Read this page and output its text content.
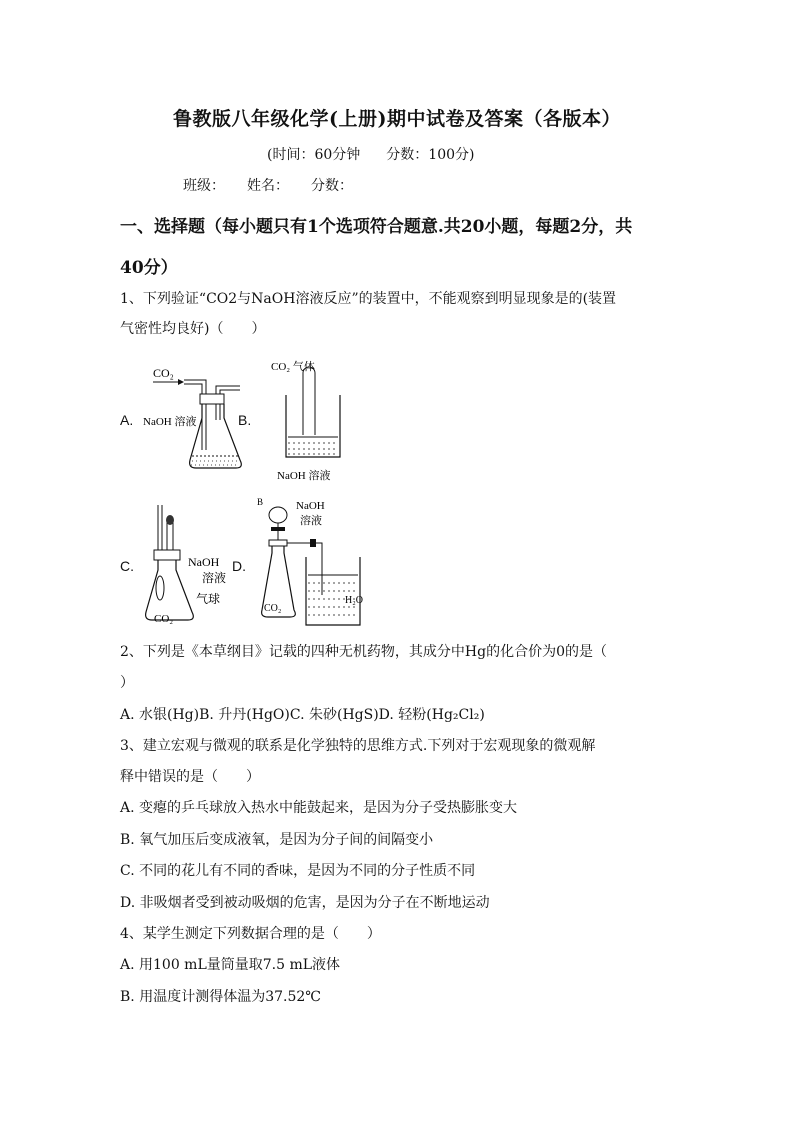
鲁教版八年级化学(上册)期中试卷及答案（各版本）
(时间：60分钟 分数：100分)
班级： 姓名： 分数：
一、选择题（每小题只有1个选项符合题意.共20小题，每题2分，共
40分）
1、下列验证“CO2与NaOH溶液反应”的装置中，不能观察到明显现象是的(装置
气密性均良好)（　　）
A.
CO₂
NaOH 溶液	B.
CO₂ 气体
NaOH 溶液
C.	NaOH
溶液
气球
CO₂
D.
B	NaOH
溶液
CO₂
H₂O
2、下列是《本草纲目》记载的四种无机药物，其成分中Hg的化合价为0的是（
）
A. 水银(Hg)B. 升丹(HgO)C. 朱砂(HgS)D. 轻粉(Hg₂Cl₂)
3、建立宏观与微观的联系是化学独特的思维方式.下列对于宏观现象的微观解
释中错误的是（　　）
A. 变瘪的乒乓球放入热水中能鼓起来，是因为分子受热膨胀变大
B. 氧气加压后变成液氧，是因为分子间的间隔变小
C. 不同的花儿有不同的香味，是因为不同的分子性质不同
D. 非吸烟者受到被动吸烟的危害，是因为分子在不断地运动
4、某学生测定下列数据合理的是（　　）
A. 用100 mL量筒量取7.5 mL液体
B. 用温度计测得体温为37.52℃
